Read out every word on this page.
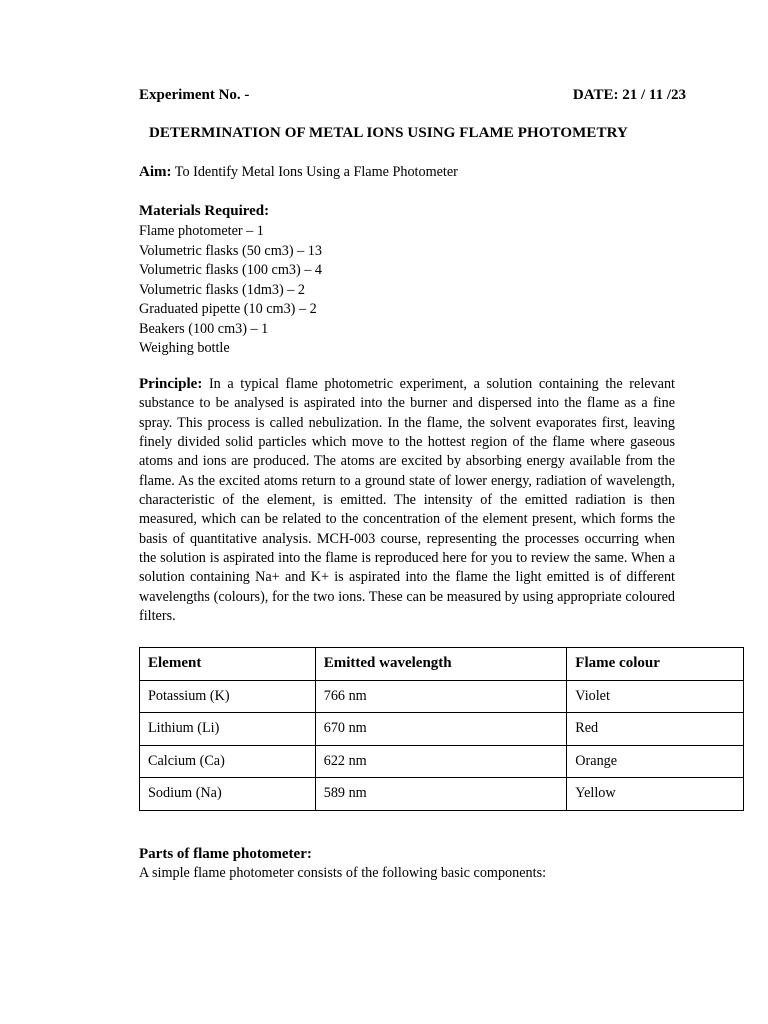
Experiment No. -	DATE: 21 / 11 /23
DETERMINATION OF METAL IONS USING FLAME PHOTOMETRY
Aim: To Identify Metal Ions Using a Flame Photometer
Materials Required:
Flame photometer – 1
Volumetric flasks (50 cm3) – 13
Volumetric flasks (100 cm3) – 4
Volumetric flasks (1dm3) – 2
Graduated pipette (10 cm3) – 2
Beakers (100 cm3) – 1
Weighing bottle

Principle: In a typical flame photometric experiment, a solution containing the relevant substance to be analysed is aspirated into the burner and dispersed into the flame as a fine spray. This process is called nebulization. In the flame, the solvent evaporates first, leaving finely divided solid particles which move to the hottest region of the flame where gaseous atoms and ions are produced. The atoms are excited by absorbing energy available from the flame. As the excited atoms return to a ground state of lower energy, radiation of wavelength, characteristic of the element, is emitted. The intensity of the emitted radiation is then measured, which can be related to the concentration of the element present, which forms the basis of quantitative analysis. MCH-003 course, representing the processes occurring when the solution is aspirated into the flame is reproduced here for you to review the same. When a solution containing Na+ and K+ is aspirated into the flame the light emitted is of different wavelengths (colours), for the two ions. These can be measured by using appropriate coloured filters.

Parts of flame photometer:
A simple flame photometer consists of the following basic components:
Element	Emitted wavelength	Flame colour
Potassium (K)	766 nm	Violet
Lithium (Li)	670 nm	Red
Calcium (Ca)	622 nm	Orange
Sodium (Na)	589 nm	Yellow
